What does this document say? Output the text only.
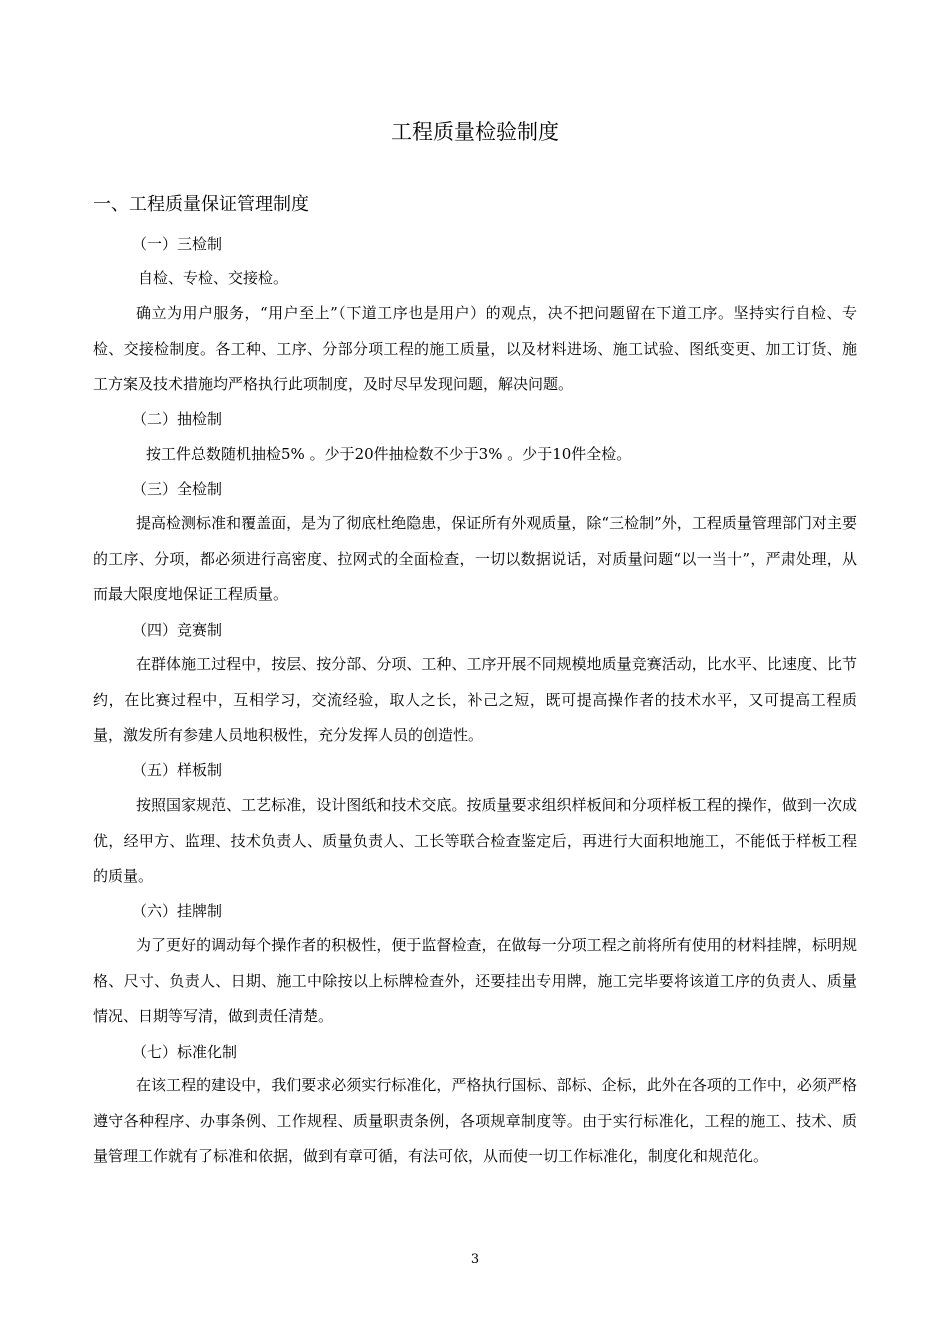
工程质量检验制度
一、工程质量保证管理制度
（一）三检制
自检、专检、交接检。
确立为用户服务，“用户至上”（下道工序也是用户）的观点，决不把问题留在下道工序。坚持实行自检、专检、交接检制度。各工种、工序、分部分项工程的施工质量，以及材料进场、施工试验、图纸变更、加工订货、施工方案及技术措施均严格执行此项制度，及时尽早发现问题，解决问题。
（二）抽检制
按工件总数随机抽检5% 。少于20件抽检数不少于3% 。少于10件全检。
（三）全检制
提高检测标准和覆盖面，是为了彻底杜绝隐患，保证所有外观质量，除“三检制”外，工程质量管理部门对主要的工序、分项，都必须进行高密度、拉网式的全面检查，一切以数据说话，对质量问题“以一当十”，严肃处理，从而最大限度地保证工程质量。
（四）竞赛制
在群体施工过程中，按层、按分部、分项、工种、工序开展不同规模地质量竞赛活动，比水平、比速度、比节约，在比赛过程中，互相学习，交流经验，取人之长，补己之短，既可提高操作者的技术水平，又可提高工程质量，激发所有参建人员地积极性，充分发挥人员的创造性。
（五）样板制
按照国家规范、工艺标准，设计图纸和技术交底。按质量要求组织样板间和分项样板工程的操作，做到一次成优，经甲方、监理、技术负责人、质量负责人、工长等联合检查鉴定后，再进行大面积地施工，不能低于样板工程的质量。
（六）挂牌制
为了更好的调动每个操作者的积极性，便于监督检查，在做每一分项工程之前将所有使用的材料挂牌，标明规格、尺寸、负责人、日期、施工中除按以上标牌检查外，还要挂出专用牌，施工完毕要将该道工序的负责人、质量情况、日期等写清，做到责任清楚。
（七）标准化制
在该工程的建设中，我们要求必须实行标准化，严格执行国标、部标、企标，此外在各项的工作中，必须严格遵守各种程序、办事条例、工作规程、质量职责条例，各项规章制度等。由于实行标准化，工程的施工、技术、质量管理工作就有了标准和依据，做到有章可循，有法可依，从而使一切工作标准化，制度化和规范化。
3
